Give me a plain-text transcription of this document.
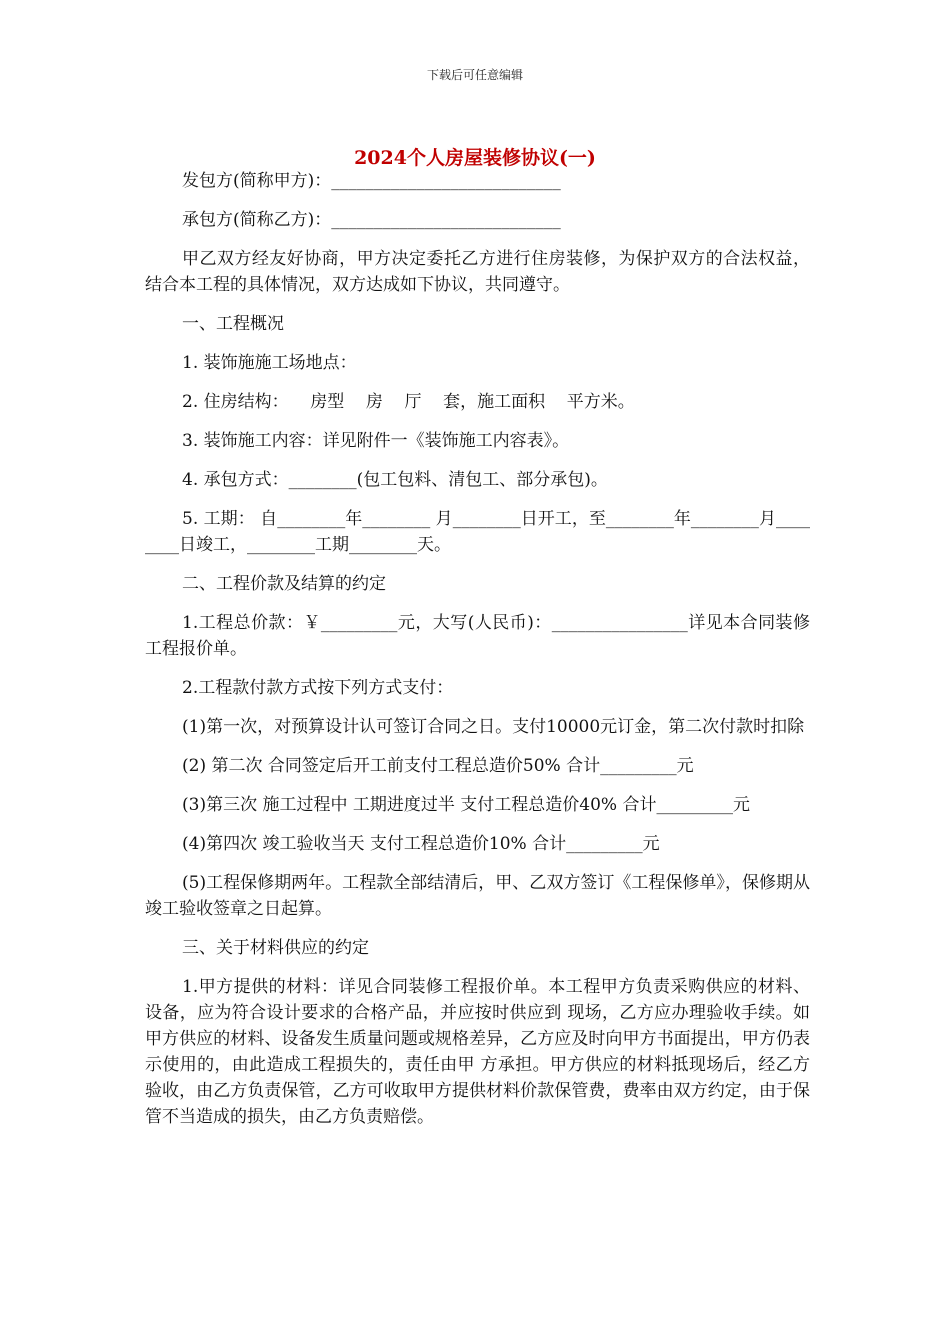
下载后可任意编辑
2024个人房屋装修协议(一)

发包方(简称甲方)：___________________________

承包方(简称乙方)：___________________________

甲乙双方经友好协商，甲方决定委托乙方进行住房装修，为保护双方的合法权益，结合本工程的具体情况，双方达成如下协议，共同遵守。

一、工程概况

1. 装饰施施工场地点：

2. 住房结构：    房型    房    厅    套，施工面积    平方米。

3. 装饰施工内容：详见附件一《装饰施工内容表》。

4. 承包方式：________(包工包料、清包工、部分承包)。

5. 工期： 自________年________ 月________日开工，至________年________月________日竣工，________工期________天。

二、工程价款及结算的约定

1.工程总价款：￥_________元，大写(人民币)：________________详见本合同装修工程报价单。

2.工程款付款方式按下列方式支付：

(1)第一次，对预算设计认可签订合同之日。支付10000元订金，第二次付款时扣除

(2) 第二次 合同签定后开工前支付工程总造价50% 合计_________元

(3)第三次 施工过程中 工期进度过半 支付工程总造价40% 合计_________元

(4)第四次 竣工验收当天 支付工程总造价10% 合计_________元

(5)工程保修期两年。工程款全部结清后，甲、乙双方签订《工程保修单》，保修期从竣工验收签章之日起算。

三、关于材料供应的约定

1.甲方提供的材料：详见合同装修工程报价单。本工程甲方负责采购供应的材料、设备，应为符合设计要求的合格产品，并应按时供应到 现场，乙方应办理验收手续。如甲方供应的材料、设备发生质量问题或规格差异，乙方应及时向甲方书面提出，甲方仍表示使用的，由此造成工程损失的，责任由甲 方承担。甲方供应的材料抵现场后，经乙方验收，由乙方负责保管，乙方可收取甲方提供材料价款保管费，费率由双方约定，由于保管不当造成的损失，由乙方负责赔偿。
